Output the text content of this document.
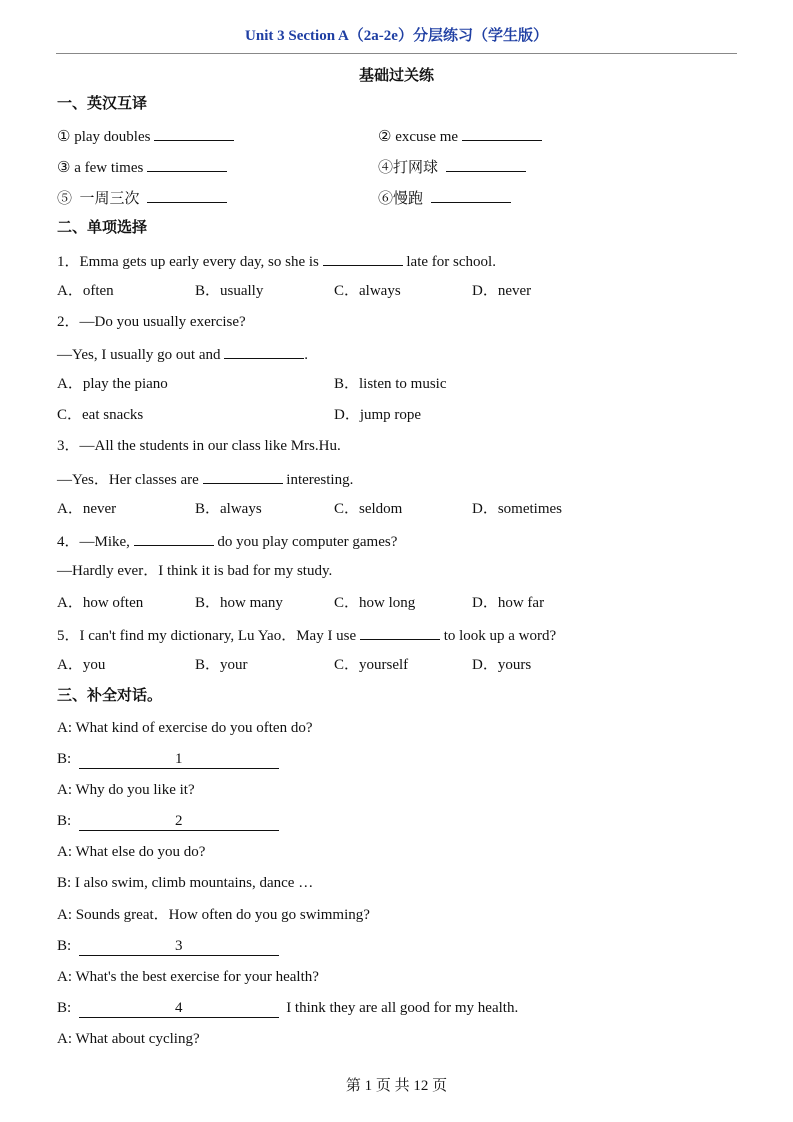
Unit 3 Section A（2a-2e）分层练习（学生版）
基础过关练
一、英汉互译
① play doubles	② excuse me
③ a few times	④打网球
⑤  一周三次	⑥慢跑
二、单项选择
1．Emma gets up early every day, so she is	late for school.
A．often	B．usually	C．always	D．never
2．—Do you usually exercise?
—Yes, I usually go out and	.
A．play the piano	B．listen to music
C．eat snacks	D．jump rope
3．—All the students in our class like Mrs.Hu.
—Yes．Her classes are	interesting.
A．never	B．always	C．seldom	D．sometimes
4．—Mike,	do you play computer games?
—Hardly ever．I think it is bad for my study.
A．how often	B．how many	C．how long	D．how far
5．I can't find my dictionary, Lu Yao．May I use	to look up a word?
A．you	B．your	C．yourself	D．yours
三、补全对话。
A: What kind of exercise do you often do?
B:	1
A: Why do you like it?
B:	2
A: What else do you do?
B: I also swim, climb mountains, dance …
A: Sounds great．How often do you go swimming?
B:	3
A: What's the best exercise for your health?
B:	4	I think they are all good for my health.
A: What about cycling?
第 1 页 共 12 页
